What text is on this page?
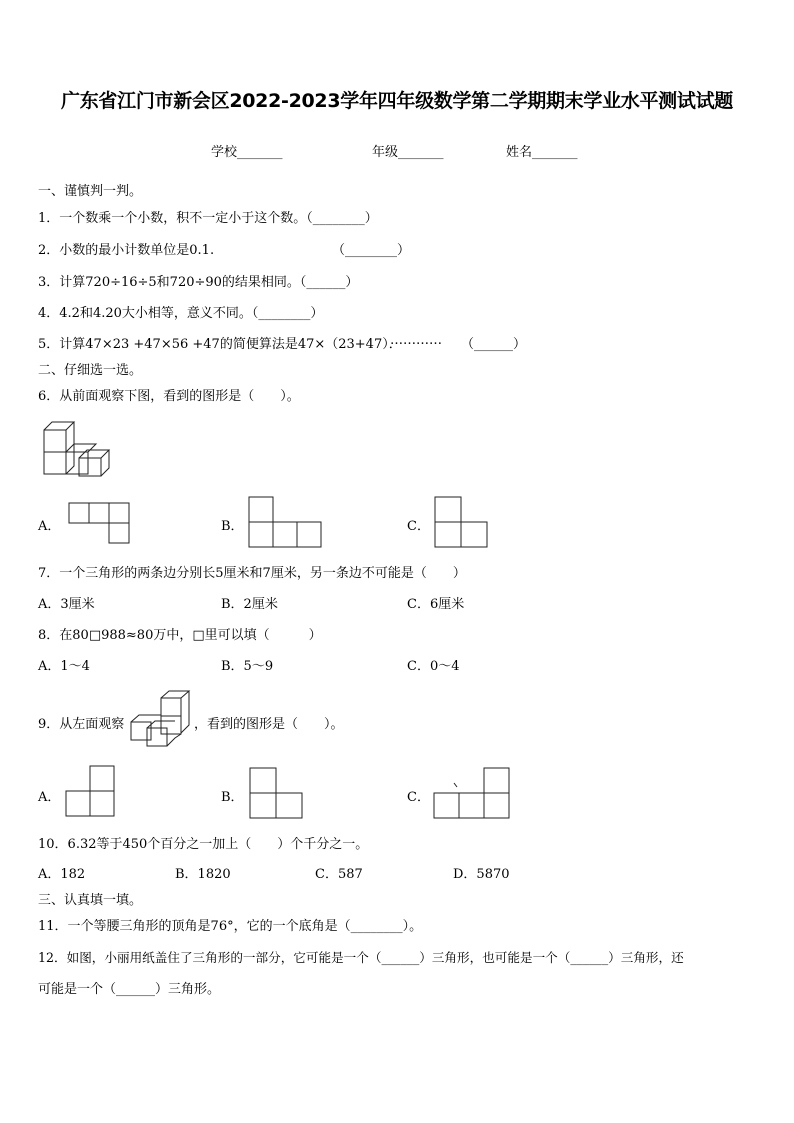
广东省江门市新会区2022-2023学年四年级数学第二学期期末学业水平测试试题
学校_______	年级_______	姓名_______
一、谨慎判一判。
1．一个数乘一个小数，积不一定小于这个数。（________）
2．小数的最小计数单位是0.1.	（________）
3．计算720÷16÷5和720÷90的结果相同。（______）
4．4.2和4.20大小相等，意义不同。（________）
5．计算47×23 +47×56 +47的简便算法是47×（23+47）．
………… （______）
二、仔细选一选。
6．从前面观察下图，看到的图形是（　　）。
A．	B．	C．
7．一个三角形的两条边分别长5厘米和7厘米，另一条边不可能是（　　）
A．3厘米	B．2厘米	C．6厘米
8．在80□988≈80万中，□里可以填（　　　）
A．1～4	B．5～9	C．0～4
9．从左面观察	，看到的图形是（　　）。
A．	B．	C．
10．6.32等于450个百分之一加上（　　）个千分之一。
A．182	B．1820	C．587	D．5870
三、认真填一填。
11．一个等腰三角形的顶角是76°，它的一个底角是（________）。
12．如图，小丽用纸盖住了三角形的一部分，它可能是一个（______）三角形，也可能是一个（______）三角形，还
可能是一个（______）三角形。
